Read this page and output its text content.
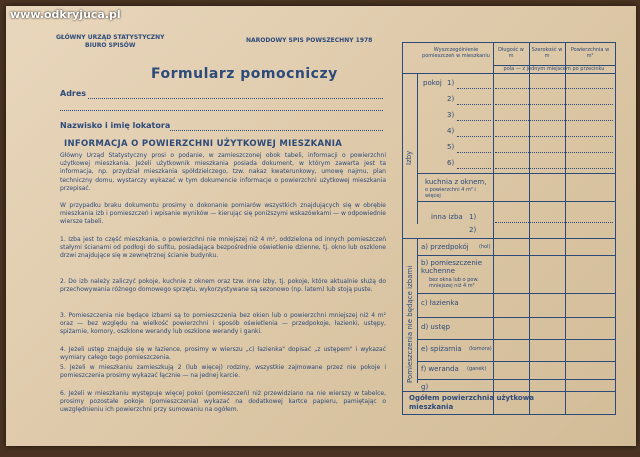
www.odkryjuca.pl
GŁÓWNY URZĄD STATYSTYCZNY
BIURO SPISÓW
NARODOWY SPIS POWSZECHNY 1978
Formularz pomocniczy
Adres
Nazwisko i imię lokatora
INFORMACJA O POWIERZCHNI UŻYTKOWEJ MIESZKANIA
Główny Urząd Statystyczny prosi o podanie, w zamieszczonej obok tabeli, informacji o powierzchni użytkowej mieszkania. Jeżeli użytkownik mieszkania posiada dokument, w którym zawarta jest ta informacja, np. przydział mieszkania spółdzielczego, tzw. nakaz kwaterunkowy, umowę najmu, plan techniczny domu, wystarczy wykazać w tym dokumencie informacje o powierzchni użytkowej mieszkania przepisać.
W przypadku braku dokumentu prosimy o dokonanie pomiarów wszystkich znajdujących się w obrębie mieszkania izb i pomieszczeń i wpisanie wyników — kierując się poniższymi wskazówkami — w odpowiednie wiersze tabeli.
1. Izba jest to część mieszkania, o powierzchni nie mniejszej niż 4 m², oddzielona od innych pomieszczeń stałymi ścianami od podłogi do sufitu, posiadająca bezpośrednie oświetlenie dzienne, tj. okno lub oszklone drzwi znajdujące się w zewnętrznej ścianie budynku.
2. Do izb należy zaliczyć pokoje, kuchnie z oknem oraz tzw. inne izby, tj. pokoje, które aktualnie służą do przechowywania różnego domowego sprzętu, wykorzystywane są sezonowo (np. latem) lub stoją puste.
3. Pomieszczenia nie będące izbami są to pomieszczenia bez okien lub o powierzchni mniejszej niż 4 m² oraz — bez względu na wielkość powierzchni i sposób oświetlenia — przedpokoje, łazienki, ustępy, spiżarnie, komory, oszklone werandy lub oszklone werandy i ganki.
4. Jeżeli ustęp znajduje się w łazience, prosimy w wierszu „c) łazienka" dopisać „z ustępem" i wykazać wymiary całego tego pomieszczenia.
5. Jeżeli w mieszkaniu zamieszkują 2 (lub więcej) rodziny, wszystkie zajmowane przez nie pokoje i pomieszczenia prosimy wykazać łącznie — na jednej karcie.
6. Jeżeli w mieszkaniu występuje więcej pokoi (pomieszczeń) niż przewidziano na nie wierszy w tabelce, prosimy pozostałe pokoje (pomieszczenia) wykazać na dodatkowej kartce papieru, pamiętając o uwzględnieniu ich powierzchni przy sumowaniu na ogółem.
Wyszczególnienie pomieszczeń w mieszkaniu
Długość w m
Szerokość w m
Powierzchnia w m²
pola — z jednym miejscem po przecinku
Izby
pokoj 1)
2)
3)
4)
5)
6)
kuchnia z oknem,
o powierzchni 4 m² i więcej
inna izba 1)
2)
Pomieszczenia nie będące izbami
a) przedpokój (hol)
b) pomieszczenie kuchenne
bez okna lub o pow. mniejszej niż 4 m²
c) łazienka
d) ustęp
e) spiżarnia (komora)
f) weranda (ganek)
g)
Ogółem powierzchnia użytkowa mieszkania
